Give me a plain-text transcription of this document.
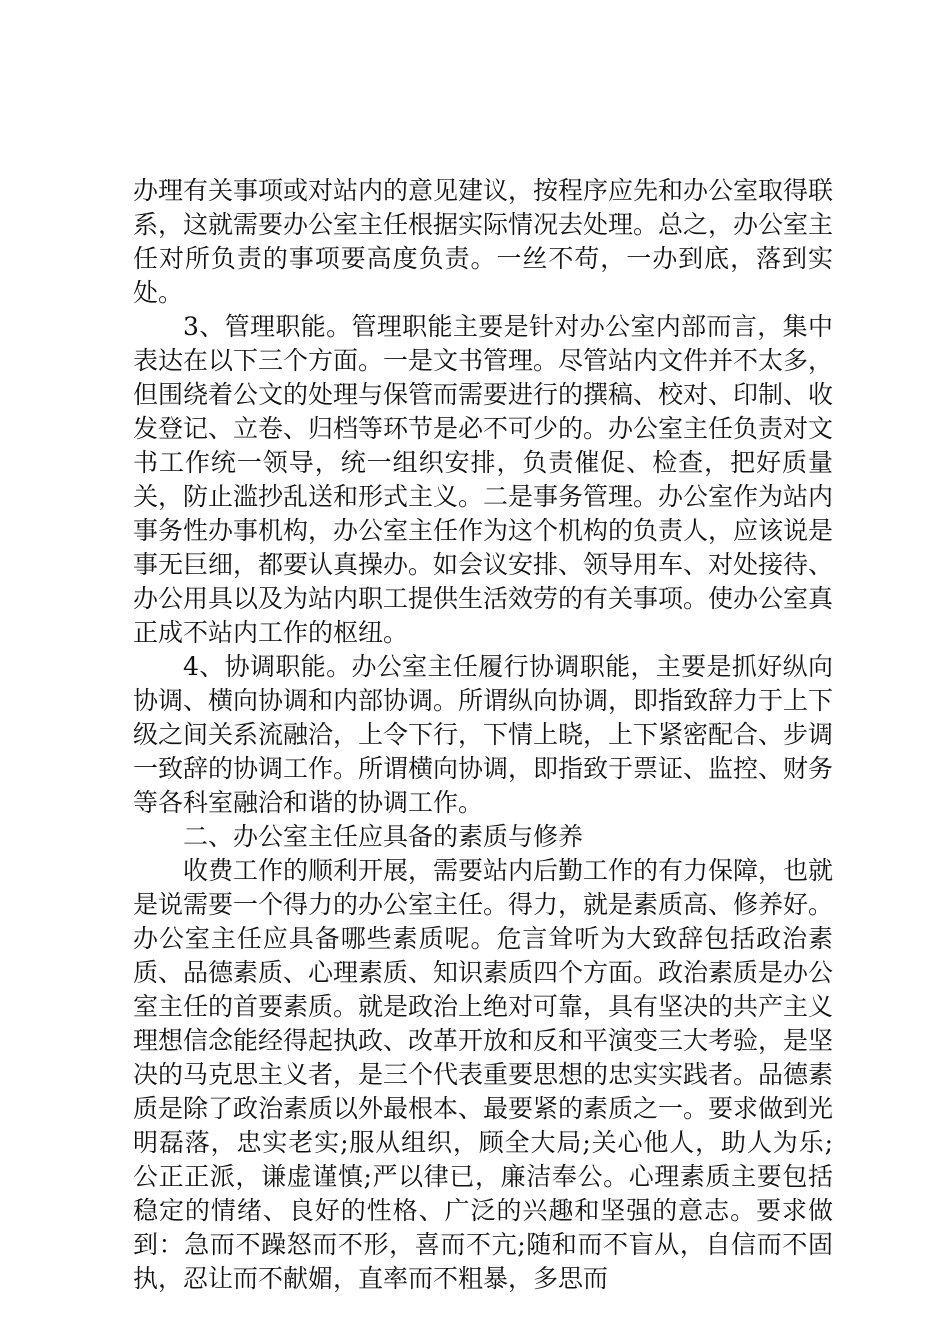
办理有关事项或对站内的意见建议，按程序应先和办公室取得联系，这就需要办公室主任根据实际情况去处理。总之，办公室主任对所负责的事项要高度负责。一丝不苟，一办到底，落到实处。

3、管理职能。管理职能主要是针对办公室内部而言，集中表达在以下三个方面。一是文书管理。尽管站内文件并不太多，但围绕着公文的处理与保管而需要进行的撰稿、校对、印制、收发登记、立卷、归档等环节是必不可少的。办公室主任负责对文书工作统一领导，统一组织安排，负责催促、检查，把好质量关，防止滥抄乱送和形式主义。二是事务管理。办公室作为站内事务性办事机构，办公室主任作为这个机构的负责人，应该说是事无巨细，都要认真操办。如会议安排、领导用车、对处接待、办公用具以及为站内职工提供生活效劳的有关事项。使办公室真正成不站内工作的枢纽。

4、协调职能。办公室主任履行协调职能，主要是抓好纵向协调、横向协调和内部协调。所谓纵向协调，即指致辞力于上下级之间关系流融洽，上令下行，下情上晓，上下紧密配合、步调一致辞的协调工作。所谓横向协调，即指致于票证、监控、财务等各科室融洽和谐的协调工作。

二、办公室主任应具备的素质与修养

收费工作的顺利开展，需要站内后勤工作的有力保障，也就是说需要一个得力的办公室主任。得力，就是素质高、修养好。办公室主任应具备哪些素质呢。危言耸听为大致辞包括政治素质、品德素质、心理素质、知识素质四个方面。政治素质是办公室主任的首要素质。就是政治上绝对可靠，具有坚决的共产主义理想信念能经得起执政、改革开放和反和平演变三大考验，是坚决的马克思主义者，是三个代表重要思想的忠实实践者。品德素质是除了政治素质以外最根本、最要紧的素质之一。要求做到光明磊落，忠实老实;服从组织，顾全大局;关心他人，助人为乐;公正正派，谦虚谨慎;严以律已，廉洁奉公。心理素质主要包括稳定的情绪、良好的性格、广泛的兴趣和坚强的意志。要求做到：急而不躁怒而不形，喜而不亢;随和而不盲从，自信而不固执，忍让而不献媚，直率而不粗暴，多思而
